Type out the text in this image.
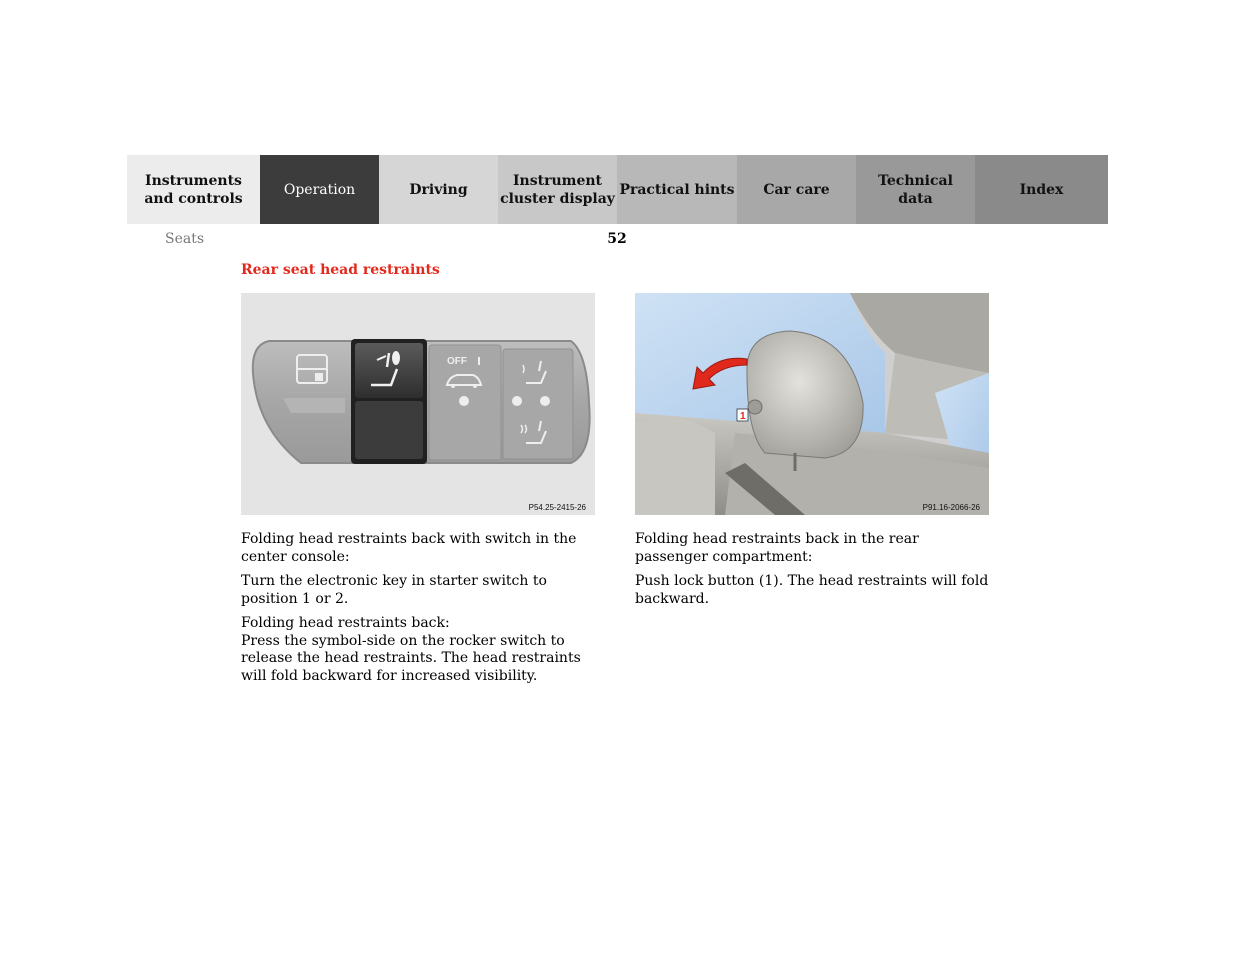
Instruments
and controls
Operation	Driving
Instrument
cluster display
Practical hints	Car care
Technical
data
Index
Seats	52
Rear seat head restraints
OFF
P54.25-2415-26
1
P91.16-2066-26

Folding head restraints back with switch in the center console:

Turn the electronic key in starter switch to position 1 or 2.

Folding head restraints back:

Press the symbol-side on the rocker switch to release the head restraints. The head restraints will fold backward for increased visibility.

Folding head restraints back in the rear passenger compartment:

Push lock button (1). The head restraints will fold backward.
